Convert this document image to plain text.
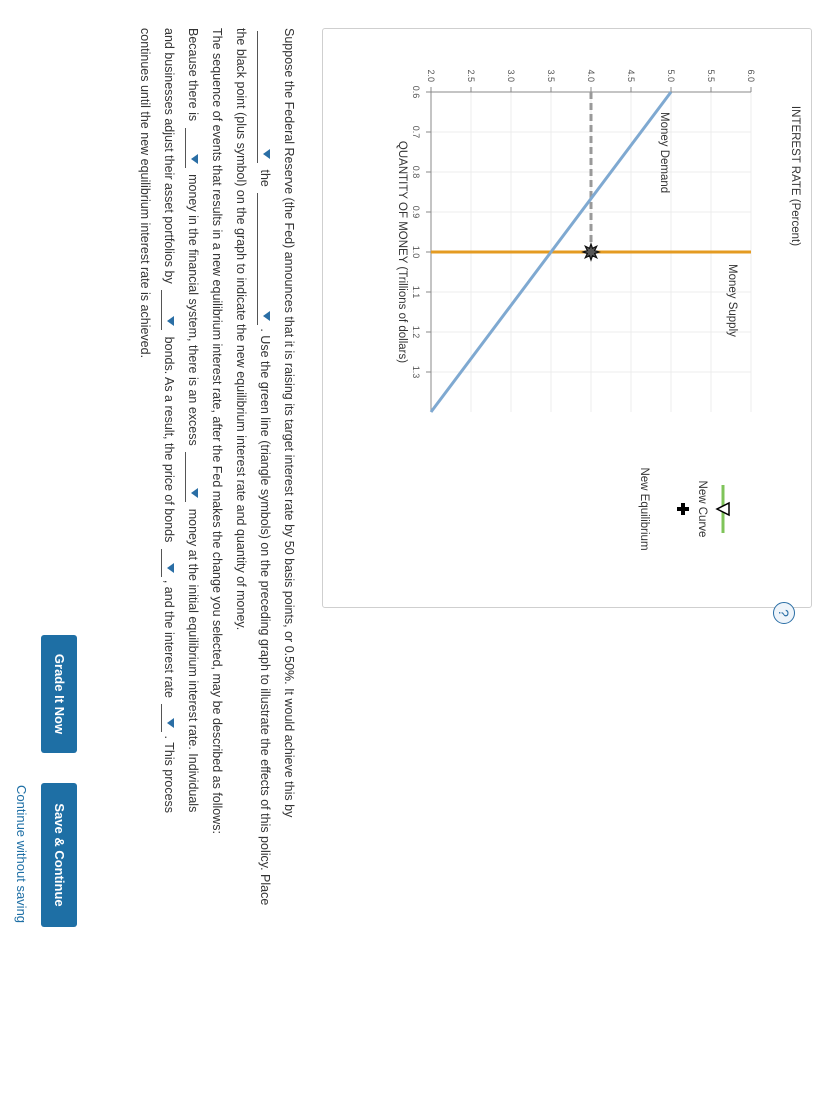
?
INTEREST RATE (Percent)
QUANTITY OF MONEY (Trillions of dollars)
2.0	2.5	3.0	3.5	4.0	4.5	5.0	5.5	6.0
0.6
0.7
0.8
0.9
1.0
1.1
1.2
1.3
Money Supply
Money Demand
New Curve
New Equilibrium
Suppose the Federal Reserve (the Fed) announces that it is raising its target interest rate by 50 basis points, or 0.50%. It would achieve this by
the
. Use the green line (triangle symbols) on the preceding graph to illustrate the effects of this policy. Place
the black point (plus symbol) on the graph to indicate the new equilibrium interest rate and quantity of money.
The sequence of events that results in a new equilibrium interest rate, after the Fed makes the change you selected, may be described as follows:
Because there is
money in the financial system, there is an excess
money at the initial equilibrium interest rate. Individuals
and businesses adjust their asset portfolios by
bonds. As a result, the price of bonds
, and the interest rate
. This process
continues until the new equilibrium interest rate is achieved.
Grade It Now
Save & Continue
Continue without saving
